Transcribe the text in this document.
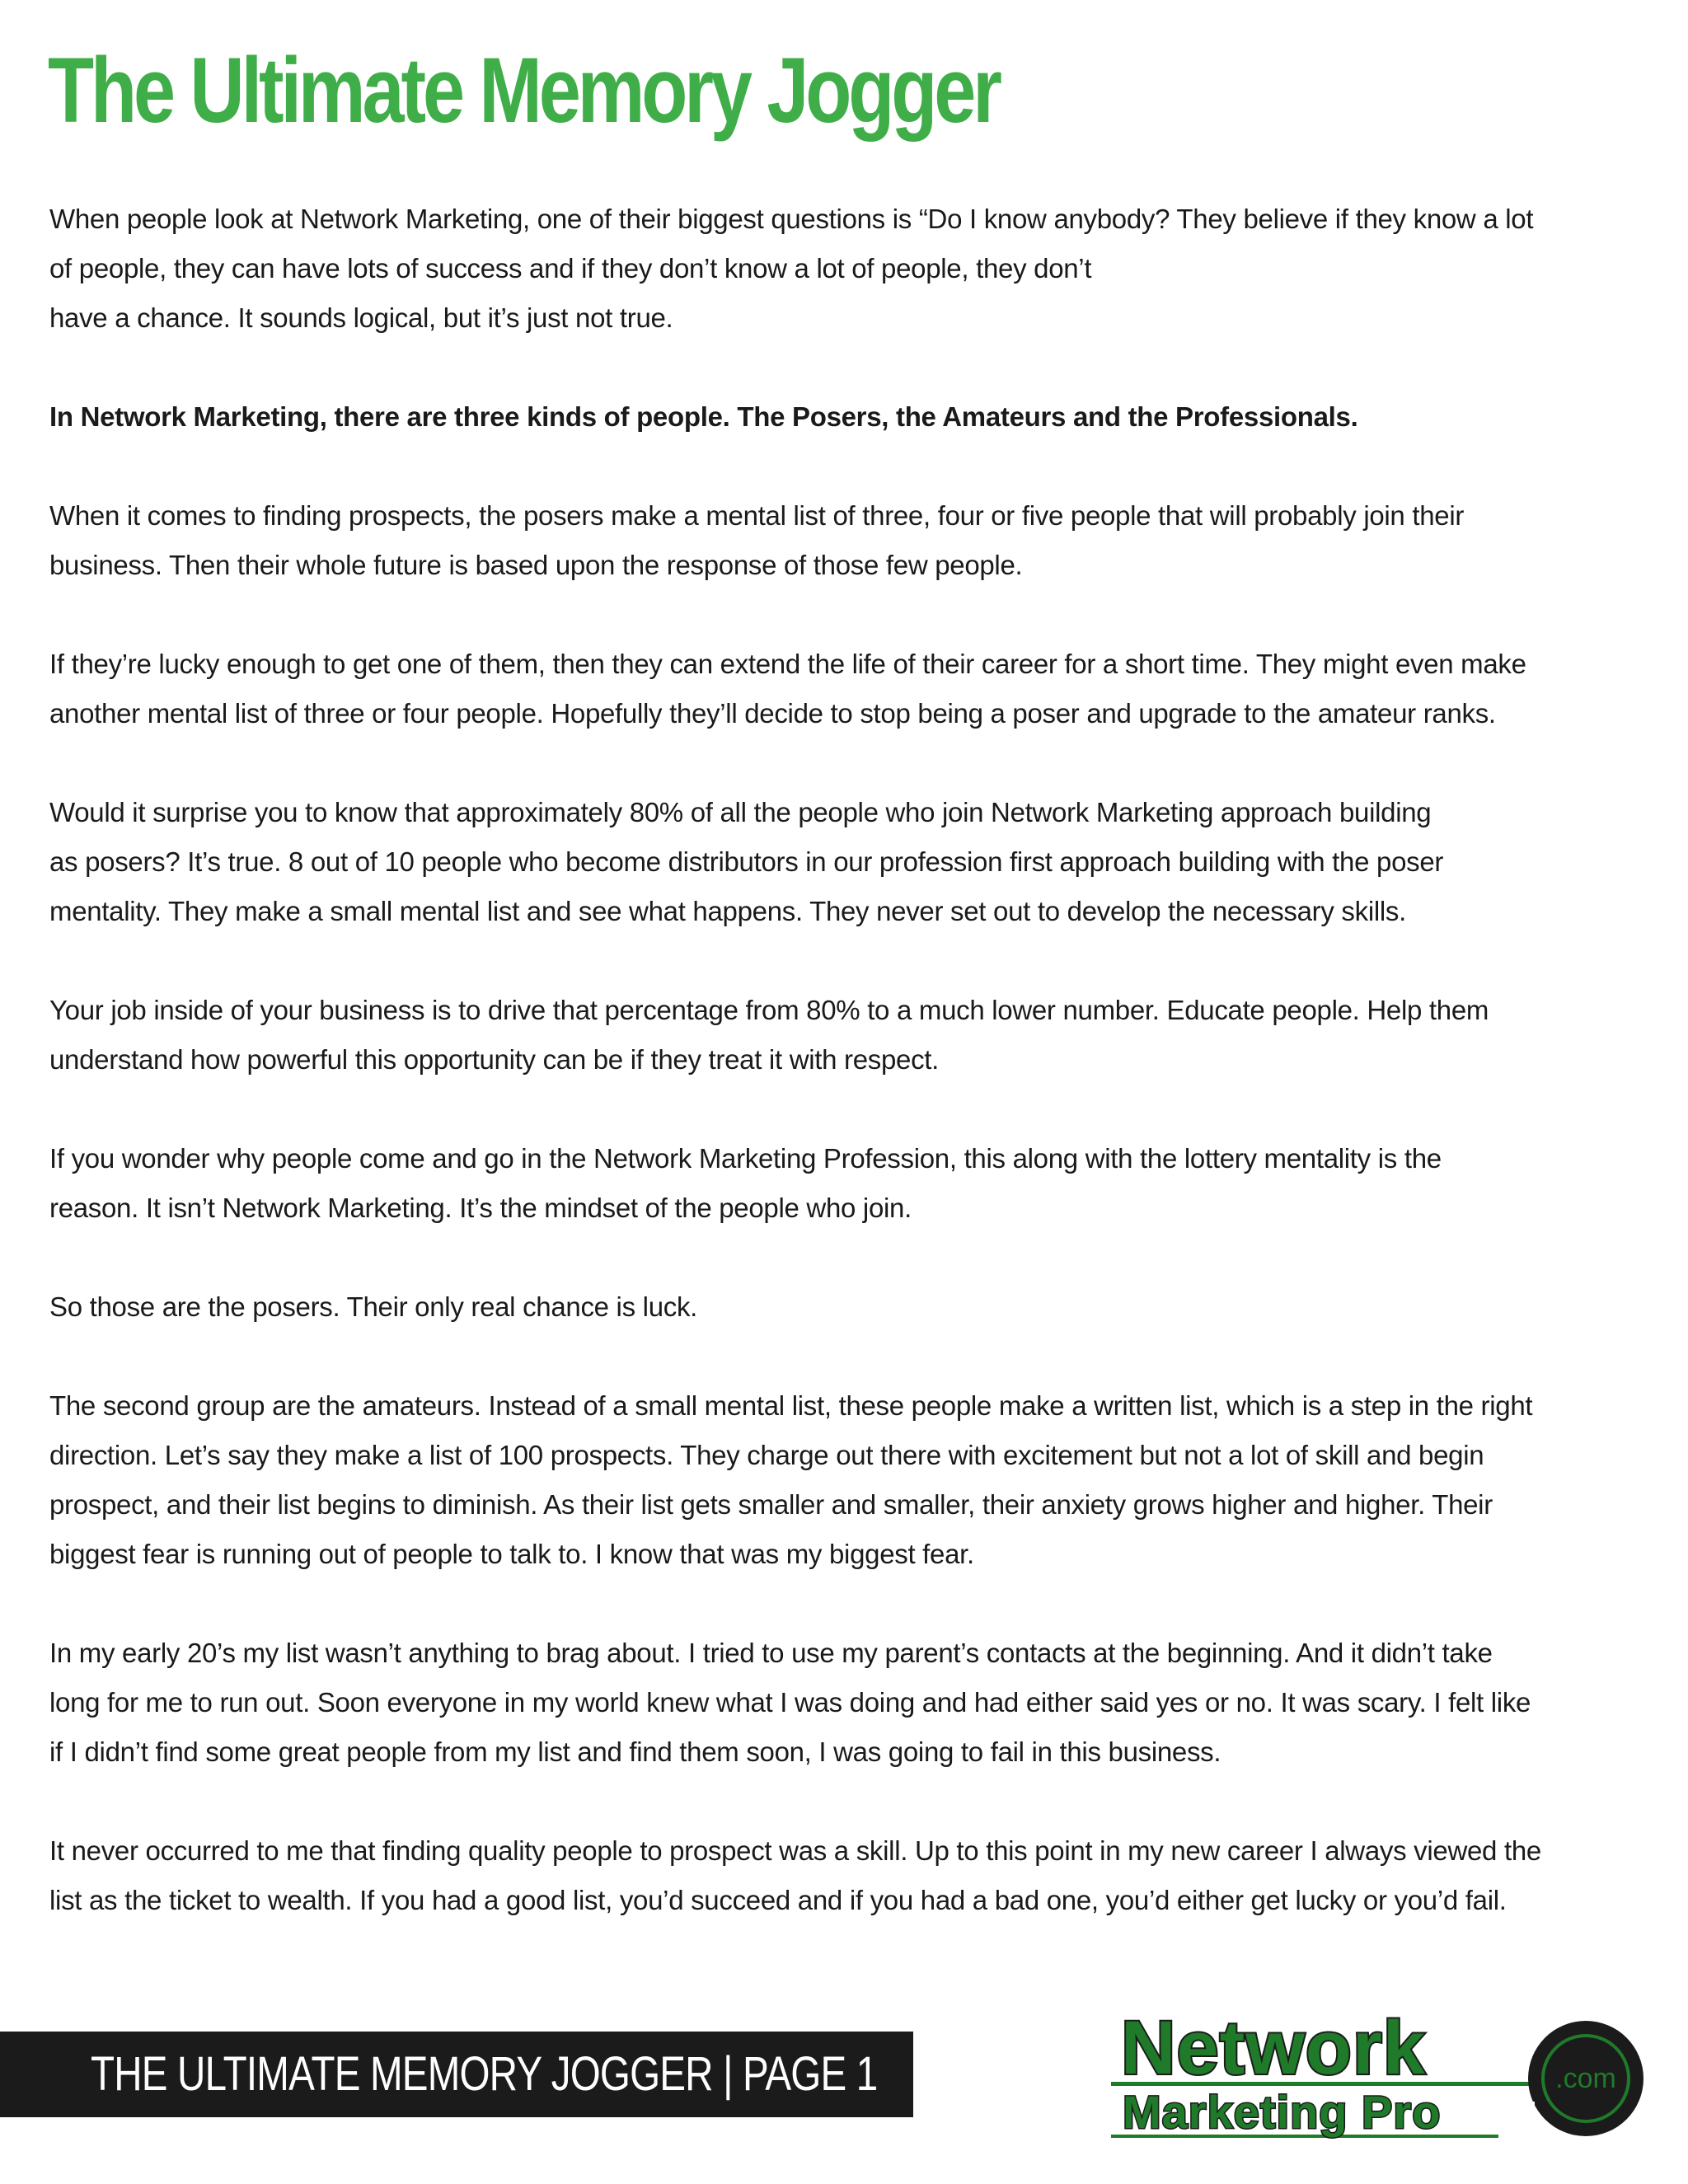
The Ultimate Memory Jogger

When people look at Network Marketing, one of their biggest questions is “Do I know anybody? They believe if they know a lot
of people, they can have lots of success and if they don’t know a lot of people, they don’t
have a chance. It sounds logical, but it’s just not true.

In Network Marketing, there are three kinds of people. The Posers, the Amateurs and the Professionals.

When it comes to finding prospects, the posers make a mental list of three, four or five people that will probably join their
business. Then their whole future is based upon the response of those few people.

If they’re lucky enough to get one of them, then they can extend the life of their career for a short time. They might even make
another mental list of three or four people. Hopefully they’ll decide to stop being a poser and upgrade to the amateur ranks.

Would it surprise you to know that approximately 80% of all the people who join Network Marketing approach building
as posers? It’s true. 8 out of 10 people who become distributors in our profession first approach building with the poser
mentality. They make a small mental list and see what happens. They never set out to develop the necessary skills.

Your job inside of your business is to drive that percentage from 80% to a much lower number. Educate people. Help them
understand how powerful this opportunity can be if they treat it with respect.

If you wonder why people come and go in the Network Marketing Profession, this along with the lottery mentality is the
reason. It isn’t Network Marketing. It’s the mindset of the people who join.

So those are the posers. Their only real chance is luck.

The second group are the amateurs. Instead of a small mental list, these people make a written list, which is a step in the right
direction. Let’s say they make a list of 100 prospects. They charge out there with excitement but not a lot of skill and begin
prospect, and their list begins to diminish. As their list gets smaller and smaller, their anxiety grows higher and higher. Their
biggest fear is running out of people to talk to. I know that was my biggest fear.

In my early 20’s my list wasn’t anything to brag about. I tried to use my parent’s contacts at the beginning. And it didn’t take
long for me to run out. Soon everyone in my world knew what I was doing and had either said yes or no. It was scary. I felt like
if I didn’t find some great people from my list and find them soon, I was going to fail in this business.

It never occurred to me that finding quality people to prospect was a skill. Up to this point in my new career I always viewed the
list as the ticket to wealth. If you had a good list, you’d succeed and if you had a bad one, you’d either get lucky or you’d fail.

THE ULTIMATE MEMORY JOGGER | PAGE 1	.com
Network
Marketing Pro
